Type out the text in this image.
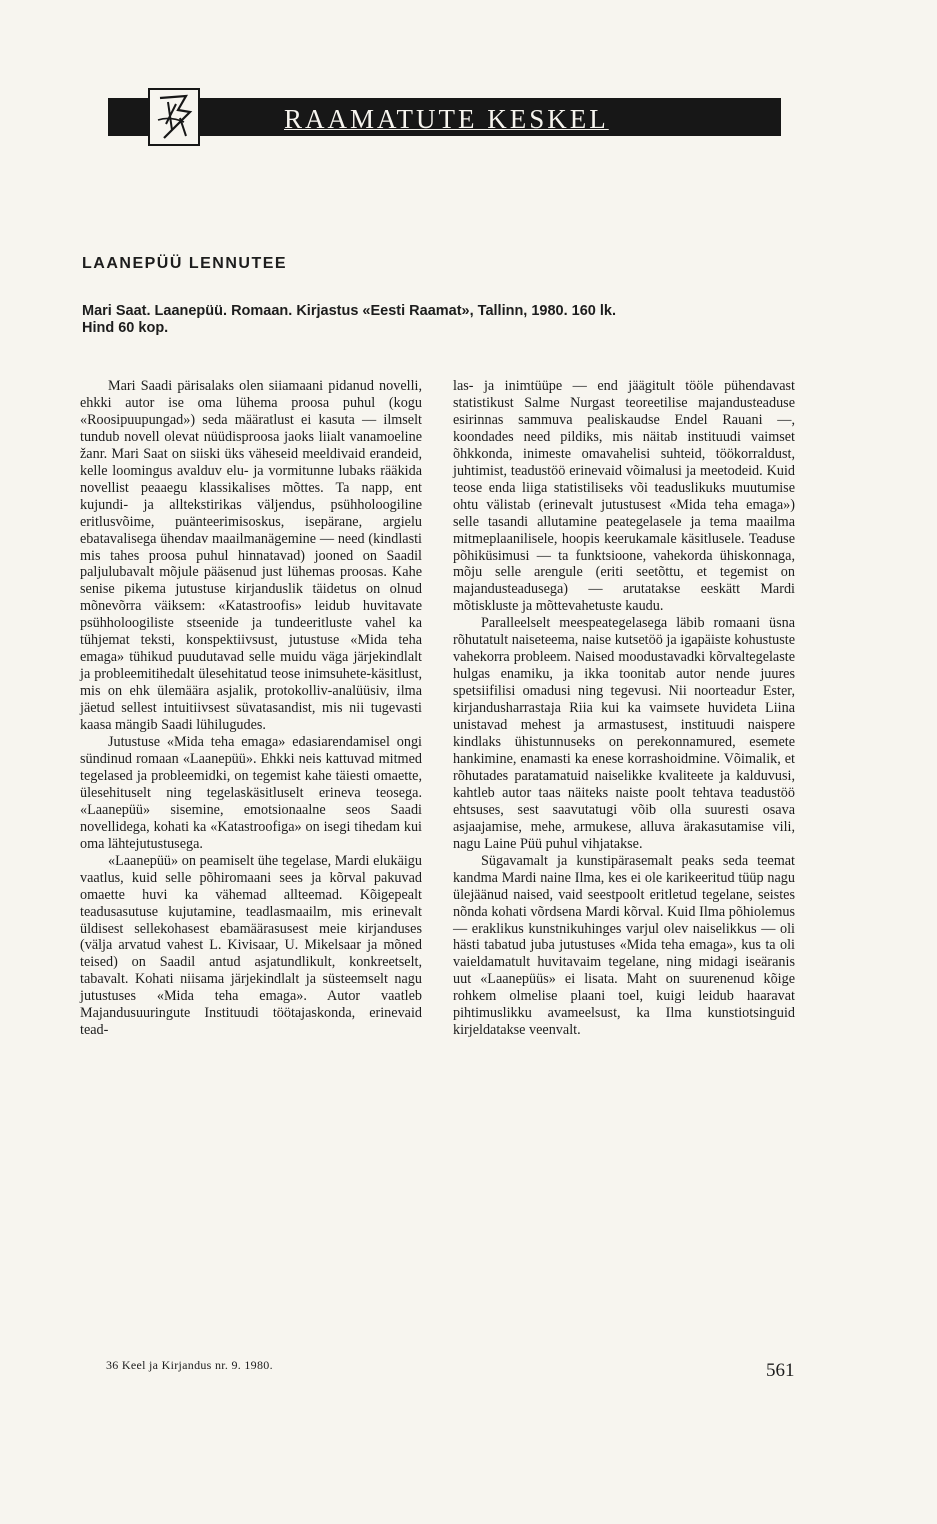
RAAMATUTE KESKEL
LAANEPÜÜ LENNUTEE
Mari Saat. Laanepüü. Romaan. Kirjastus «Eesti Raamat», Tallinn, 1980. 160 lk. Hind 60 kop.

Mari Saadi pärisalaks olen siiamaani pidanud novelli, ehkki autor ise oma lühema proosa puhul (kogu «Roosipuupungad») seda määratlust ei kasuta — ilmselt tundub novell olevat nüüdisproosa jaoks liialt vanamoeline žanr. Mari Saat on siiski üks väheseid meeldivaid erandeid, kelle loomingus avalduv elu- ja vormitunne lubaks rääkida novellist peaaegu klassikalises mõttes. Ta napp, ent kujundi- ja alltekstirikas väljendus, psühholoogiline eritlusvõime, puänteerimisoskus, isepärane, argielu ebatavalisega ühendav maailmanägemine — need (kindlasti mis tahes proosa puhul hinnatavad) jooned on Saadil paljulubavalt mõjule pääsenud just lühemas proosas. Kahe senise pikema jutustuse kirjanduslik täidetus on olnud mõnevõrra väiksem: «Katastroofis» leidub huvitavate psühholoogiliste stseenide ja tundeeritluste vahel ka tühjemat teksti, konspektiivsust, jutustuse «Mida teha emaga» tühikud puudutavad selle muidu väga järjekindlalt ja probleemitihedalt ülesehitatud teose inimsuhete-käsitlust, mis on ehk ülemäära asjalik, protokolliv-analüüsiv, ilma jäetud sellest intuitiivsest süvatasandist, mis nii tugevasti kaasa mängib Saadi lühilugudes.

Jutustuse «Mida teha emaga» edasiarendamisel ongi sündinud romaan «Laanepüü». Ehkki neis kattuvad mitmed tegelased ja probleemidki, on tegemist kahe täiesti omaette, ülesehituselt ning tegelaskäsitluselt erineva teosega. «Laanepüü» sisemine, emotsionaalne seos Saadi novellidega, kohati ka «Katastroofiga» on isegi tihedam kui oma lähtejutustusega.

«Laanepüü» on peamiselt ühe tegelase, Mardi elukäigu vaatlus, kuid selle põhiromaani sees ja kõrval pakuvad omaette huvi ka vähemad allteemad. Kõigepealt teadusasutuse kujutamine, teadlasmaailm, mis erinevalt üldisest sellekohasest ebamäärasusest meie kirjanduses (välja arvatud vahest L. Kivisaar, U. Mikelsaar ja mõned teised) on Saadil antud asjatundlikult, konkreetselt, tabavalt. Kohati niisama järjekindlalt ja süsteemselt nagu jutustuses «Mida teha emaga». Autor vaatleb Majandusuuringute Instituudi töötajaskonda, erinevaid tead-

las- ja inimtüüpe — end jäägitult tööle pühendavast statistikust Salme Nurgast teoreetilise majandusteaduse esirinnas sammuva pealiskaudse Endel Rauani —, koondades need pildiks, mis näitab instituudi vaimset õhkkonda, inimeste omavahelisi suhteid, töökorraldust, juhtimist, teadustöö erinevaid võimalusi ja meetodeid. Kuid teose enda liiga statistiliseks või teaduslikuks muutumise ohtu välistab (erinevalt jutustusest «Mida teha emaga») selle tasandi allutamine peategelasele ja tema maailma mitmeplaanilisele, hoopis keerukamale käsitlusele. Teaduse põhiküsimusi — ta funktsioone, vahekorda ühiskonnaga, mõju selle arengule (eriti seetõttu, et tegemist on majandusteadusega) — arutatakse eeskätt Mardi mõtiskluste ja mõttevahetuste kaudu.

Paralleelselt meespeategelasega läbib romaani üsna rõhutatult naiseteema, naise kutsetöö ja igapäiste kohustuste vahekorra probleem. Naised moodustavadki kõrvaltegelaste hulgas enamiku, ja ikka toonitab autor nende juures spetsiifilisi omadusi ning tegevusi. Nii noorteadur Ester, kirjandusharrastaja Riia kui ka vaimsete huvideta Liina unistavad mehest ja armastusest, instituudi naispere kindlaks ühistunnuseks on perekonnamured, esemete hankimine, enamasti ka enese korrashoidmine. Võimalik, et rõhutades paratamatuid naiselikke kvaliteete ja kalduvusi, kahtleb autor taas näiteks naiste poolt tehtava teadustöö ehtsuses, sest saavutatugi võib olla suuresti osava asjaajamise, mehe, armukese, alluva ärakasutamise vili, nagu Laine Püü puhul vihjatakse.

Sügavamalt ja kunstipärasemalt peaks seda teemat kandma Mardi naine Ilma, kes ei ole karikeeritud tüüp nagu ülejäänud naised, vaid seestpoolt eritletud tegelane, seistes nõnda kohati võrdsena Mardi kõrval. Kuid Ilma põhiolemus — eraklikus kunstnikuhinges varjul olev naiselikkus — oli hästi tabatud juba jutustuses «Mida teha emaga», kus ta oli vaieldamatult huvitavaim tegelane, ning midagi iseäranis uut «Laanepüüs» ei lisata. Maht on suurenenud kõige rohkem olmelise plaani toel, kuigi leidub haaravat pihtimuslikku avameelsust, ka Ilma kunstiotsinguid kirjeldatakse veenvalt.

36 Keel ja Kirjandus nr. 9. 1980.	561
